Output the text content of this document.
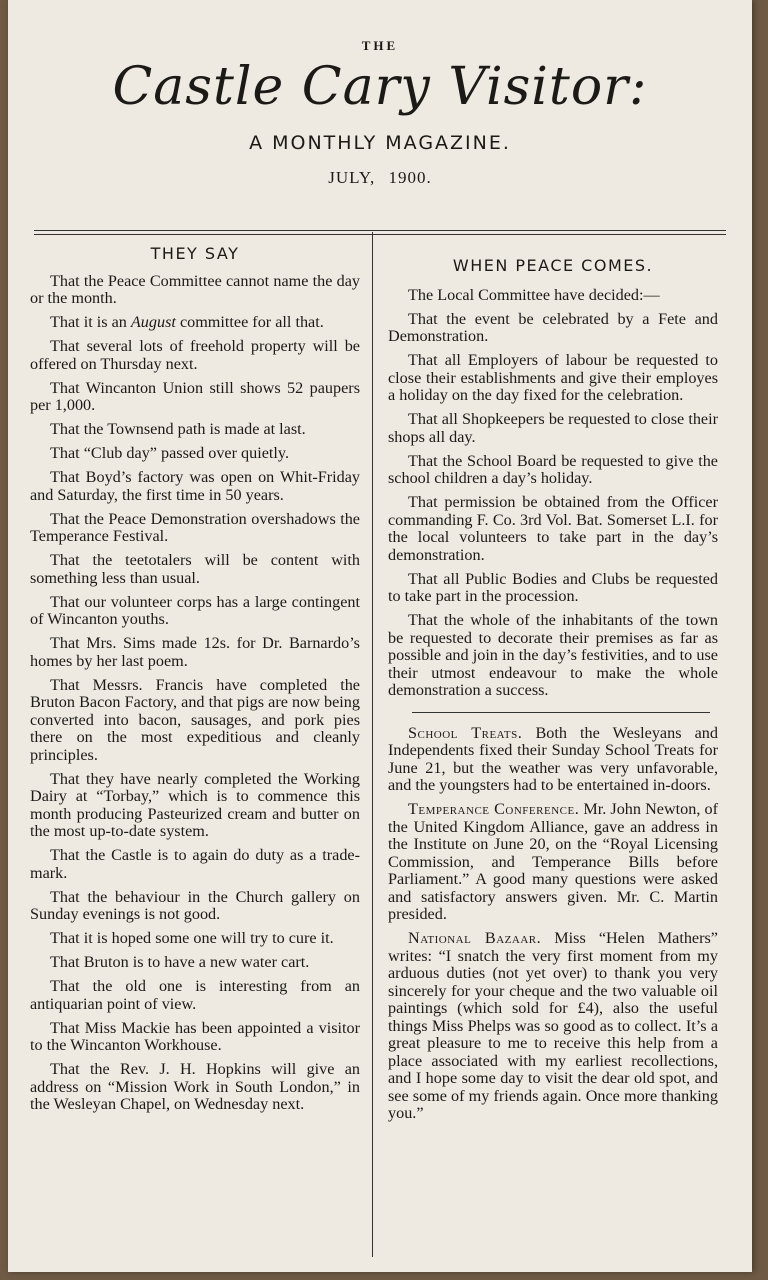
THE
Castle Cary Visitor:
A MONTHLY MAGAZINE.
JULY, 1900.
THEY SAY

That the Peace Committee cannot name the day or the month.

That it is an August committee for all that.

That several lots of freehold property will be offered on Thursday next.

That Wincanton Union still shows 52 paupers per 1,000.

That the Townsend path is made at last.

That “Club day” passed over quietly.

That Boyd’s factory was open on Whit-Friday and Saturday, the first time in 50 years.

That the Peace Demonstration overshadows the Temperance Festival.

That the teetotalers will be content with something less than usual.

That our volunteer corps has a large contingent of Wincanton youths.

That Mrs. Sims made 12s. for Dr. Barnardo’s homes by her last poem.

That Messrs. Francis have completed the Bruton Bacon Factory, and that pigs are now being converted into bacon, sausages, and pork pies there on the most expeditious and cleanly principles.

That they have nearly completed the Working Dairy at “Torbay,” which is to commence this month producing Pasteurized cream and butter on the most up-to-date system.

That the Castle is to again do duty as a trade-mark.

That the behaviour in the Church gallery on Sunday evenings is not good.

That it is hoped some one will try to cure it.

That Bruton is to have a new water cart.

That the old one is interesting from an antiquarian point of view.

That Miss Mackie has been appointed a visitor to the Wincanton Workhouse.

That the Rev. J. H. Hopkins will give an address on “Mission Work in South London,” in the Wesleyan Chapel, on Wednesday next.

WHEN PEACE COMES.

The Local Committee have decided:—

That the event be celebrated by a Fete and Demonstration.

That all Employers of labour be requested to close their establishments and give their employes a holiday on the day fixed for the celebration.

That all Shopkeepers be requested to close their shops all day.

That the School Board be requested to give the school children a day’s holiday.

That permission be obtained from the Officer commanding F. Co. 3rd Vol. Bat. Somerset L.I. for the local volunteers to take part in the day’s demonstration.

That all Public Bodies and Clubs be requested to take part in the procession.

That the whole of the inhabitants of the town be requested to decorate their premises as far as possible and join in the day’s festivities, and to use their utmost endeavour to make the whole demonstration a success.

School Treats. Both the Wesleyans and Independents fixed their Sunday School Treats for June 21, but the weather was very unfavorable, and the youngsters had to be entertained in-doors.

Temperance Conference. Mr. John Newton, of the United Kingdom Alliance, gave an address in the Institute on June 20, on the “Royal Licensing Commission, and Temperance Bills before Parliament.” A good many questions were asked and satisfactory answers given. Mr. C. Martin presided.

National Bazaar. Miss “Helen Mathers” writes: “I snatch the very first moment from my arduous duties (not yet over) to thank you very sincerely for your cheque and the two valuable oil paintings (which sold for £4), also the useful things Miss Phelps was so good as to collect. It’s a great pleasure to me to receive this help from a place associated with my earliest recollections, and I hope some day to visit the dear old spot, and see some of my friends again. Once more thanking you.”
